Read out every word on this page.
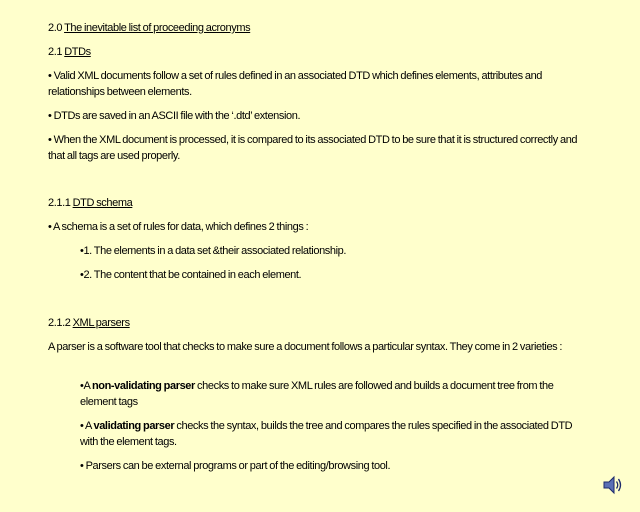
2.0 The inevitable list of proceeding acronyms
2.1 DTDs
• Valid XML documents follow a set of rules defined in an associated DTD which defines elements, attributes and relationships between elements.
• DTDs are saved in an ASCII file with the ‘.dtd’ extension.
• When the XML document is processed, it is compared to its associated DTD to be sure that it is structured correctly and that all tags are used properly.
2.1.1 DTD schema
• A schema is a set of rules for data, which defines 2 things :
•1. The elements in a data set &their associated relationship.
•2. The content that be contained in each element.
2.1.2 XML parsers
A parser is a software tool that checks to make sure a document follows a particular syntax. They come in 2 varieties :
•A non-validating parser checks to make sure XML rules are followed and builds a document tree from the element tags
• A validating parser checks the syntax, builds the tree and compares the rules specified in the associated DTD with the element tags.
• Parsers can be external programs or part of the editing/browsing tool.
